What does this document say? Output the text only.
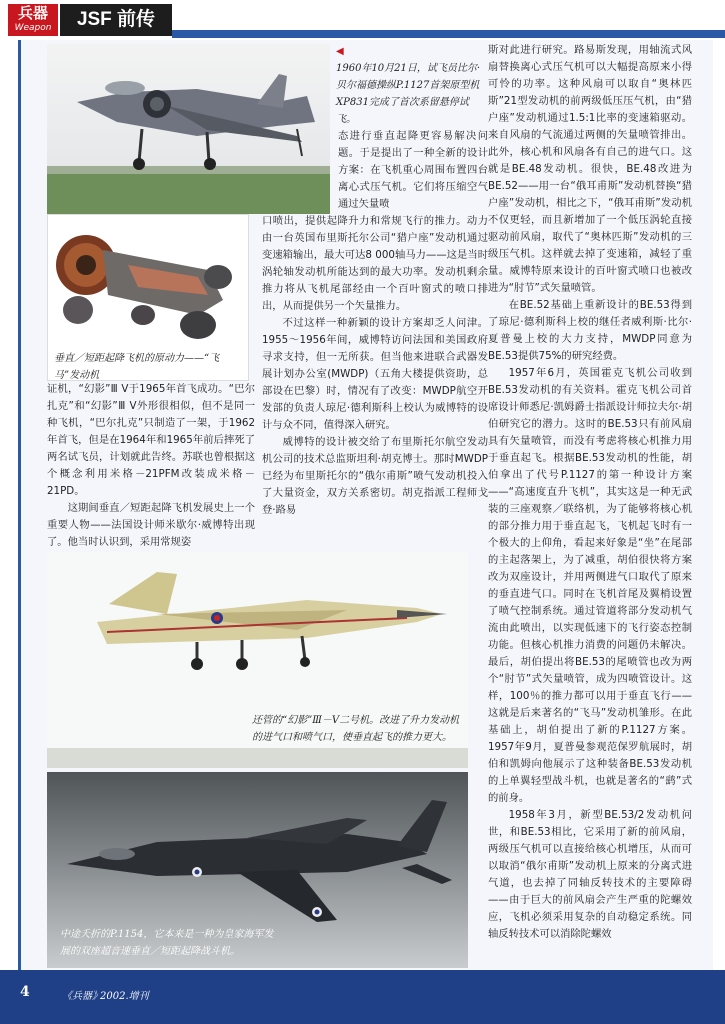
兵器
Weapon	JSF 前传
垂直／短距起降飞机的原动力——“飞马”发动机
◀
1960年10月21日，试飞员比尔·贝尔福德操纵P.1127首架原型机XP831完成了首次系留悬停试飞。

态进行垂直起降更容易解决问题。于是提出了一种全新的设计方案：在飞机重心周围布置四台离心式压气机。它们将压缩空气通过矢量喷

口喷出，提供起降升力和常规飞行的推力。动力由一台英国布里斯托尔公司“猎户座”发动机通过变速箱输出，最大可达8 000轴马力——这是当时涡轮轴发动机所能达到的最大功率。发动机剩余推力将从飞机尾部经由一个百叶窗式的喷口排出，从而提供另一个矢量推力。

不过这样一种新颖的设计方案却乏人问津。1955～1956年间，威博特访问法国和美国政府寻求支持，但一无所获。但当他来进联合武器发展计划办公室(MWDP)（五角大楼提供资助，总部设在巴黎）时，情况有了改变：MWDP航空开发部的负责人琼尼·德利斯科上校认为威博特的设计与众不同，值得深入研究。

威博特的设计被交给了布里斯托尔航空发动机公司的技术总监斯坦利·胡克博士。那时MWDP已经为布里斯托尔的“俄尔甫斯”喷气发动机投入了大量资金，双方关系密切。胡克指派工程师戈登·路易

证机，“幻影”Ⅲ V于1965年首飞成功。“巴尔扎克”和“幻影”Ⅲ V外形很相似，但不是同一种飞机，“巴尔扎克”只制造了一架，于1962年首飞，但是在1964年和1965年前后摔死了两名试飞员，计划就此告终。苏联也曾根据这个概念利用米格－21PFM改装成米格－21PD。

这期间垂直／短距起降飞机发展史上一个重要人物——法国设计师米歇尔·威博特出现了。他当时认识到，采用常规姿

还管的“幻影”Ⅲ－V二号机。改进了升力发动机的进气口和喷气口，使垂直起飞的推力更大。
中途夭折的P.1154，它本来是一种为皇家海军发展的双座超音速垂直／短距起降战斗机。

斯对此进行研究。路易斯发现，用轴流式风扇替换离心式压气机可以大幅提高原来小得可怜的功率。这种风扇可以取自“奥林匹斯”21型发动机的前两级低压压气机，由“猎户座”发动机通过1.5:1比率的变速箱驱动。来自风扇的气流通过两侧的矢量喷管排出。此外，核心机和风扇各有自己的进气口。这就是BE.48发动机。很快，BE.48改进为BE.52——用一台“俄耳甫斯”发动机替换“猎户座”发动机，相比之下，“俄耳甫斯”发动机不仅更轻，而且新增加了一个低压涡轮直接驱动前风扇，取代了“奥林匹斯”发动机的三级压气机。这样就去掉了变速箱，减轻了重量。威博特原来设计的百叶窗式喷口也被改进为“肘节”式矢量喷管。

在BE.52基础上重新设计的BE.53得到了琼尼·德利斯科上校的继任者威利斯·比尔·夏普曼上校的大力支持，MWDP同意为BE.53提供75%的研究经费。

1957年6月，英国霍克飞机公司收到BE.53发动机的有关资料。霍克飞机公司首席设计师悉尼·凯姆爵士指派设计师拉夫尔·胡伯研究它的潜力。这时的BE.53只有前风扇具有矢量喷管，而没有考虑将核心机推力用于垂直起飞。根据BE.53发动机的性能，胡伯拿出了代号P.1127的第一种设计方案——“高速度直升飞机”，其实这是一种无武装的三座观察／联络机，为了能够将核心机的部分推力用于垂直起飞，飞机起飞时有一个极大的上仰角，看起来好象是“坐”在尾部的主起落架上，为了减重，胡伯很快将方案改为双座设计，并用两侧进气口取代了原来的垂直进气口。同时在飞机首尾及翼梢设置了喷气控制系统。通过管道将部分发动机气流由此喷出，以实现低速下的飞行姿态控制功能。但核心机推力消费的问题仍未解决。最后，胡伯提出将BE.53的尾喷管也改为两个“肘节”式矢量喷管，成为四喷管设计。这样，100％的推力都可以用于垂直飞行——这就是后来著名的“飞马”发动机雏形。在此基础上，胡伯提出了新的P.1127方案。1957年9月，夏普曼参观范保罗航展时，胡伯和凯姆向他展示了这种装备BE.53发动机的上单翼轻型战斗机，也就是著名的“鹞”式的前身。

1958年3月，新型BE.53/2发动机问世，和BE.53相比，它采用了新的前风扇，两级压气机可以直接给核心机增压，从而可以取消“俄尔甫斯”发动机上原来的分离式进气道，也去掉了同轴反转技术的主要障碍——由于巨大的前风扇会产生严重的陀螺效应，飞机必须采用复杂的自动稳定系统。同轴反转技术可以消除陀螺效

4	《兵器》
2002.增刊
